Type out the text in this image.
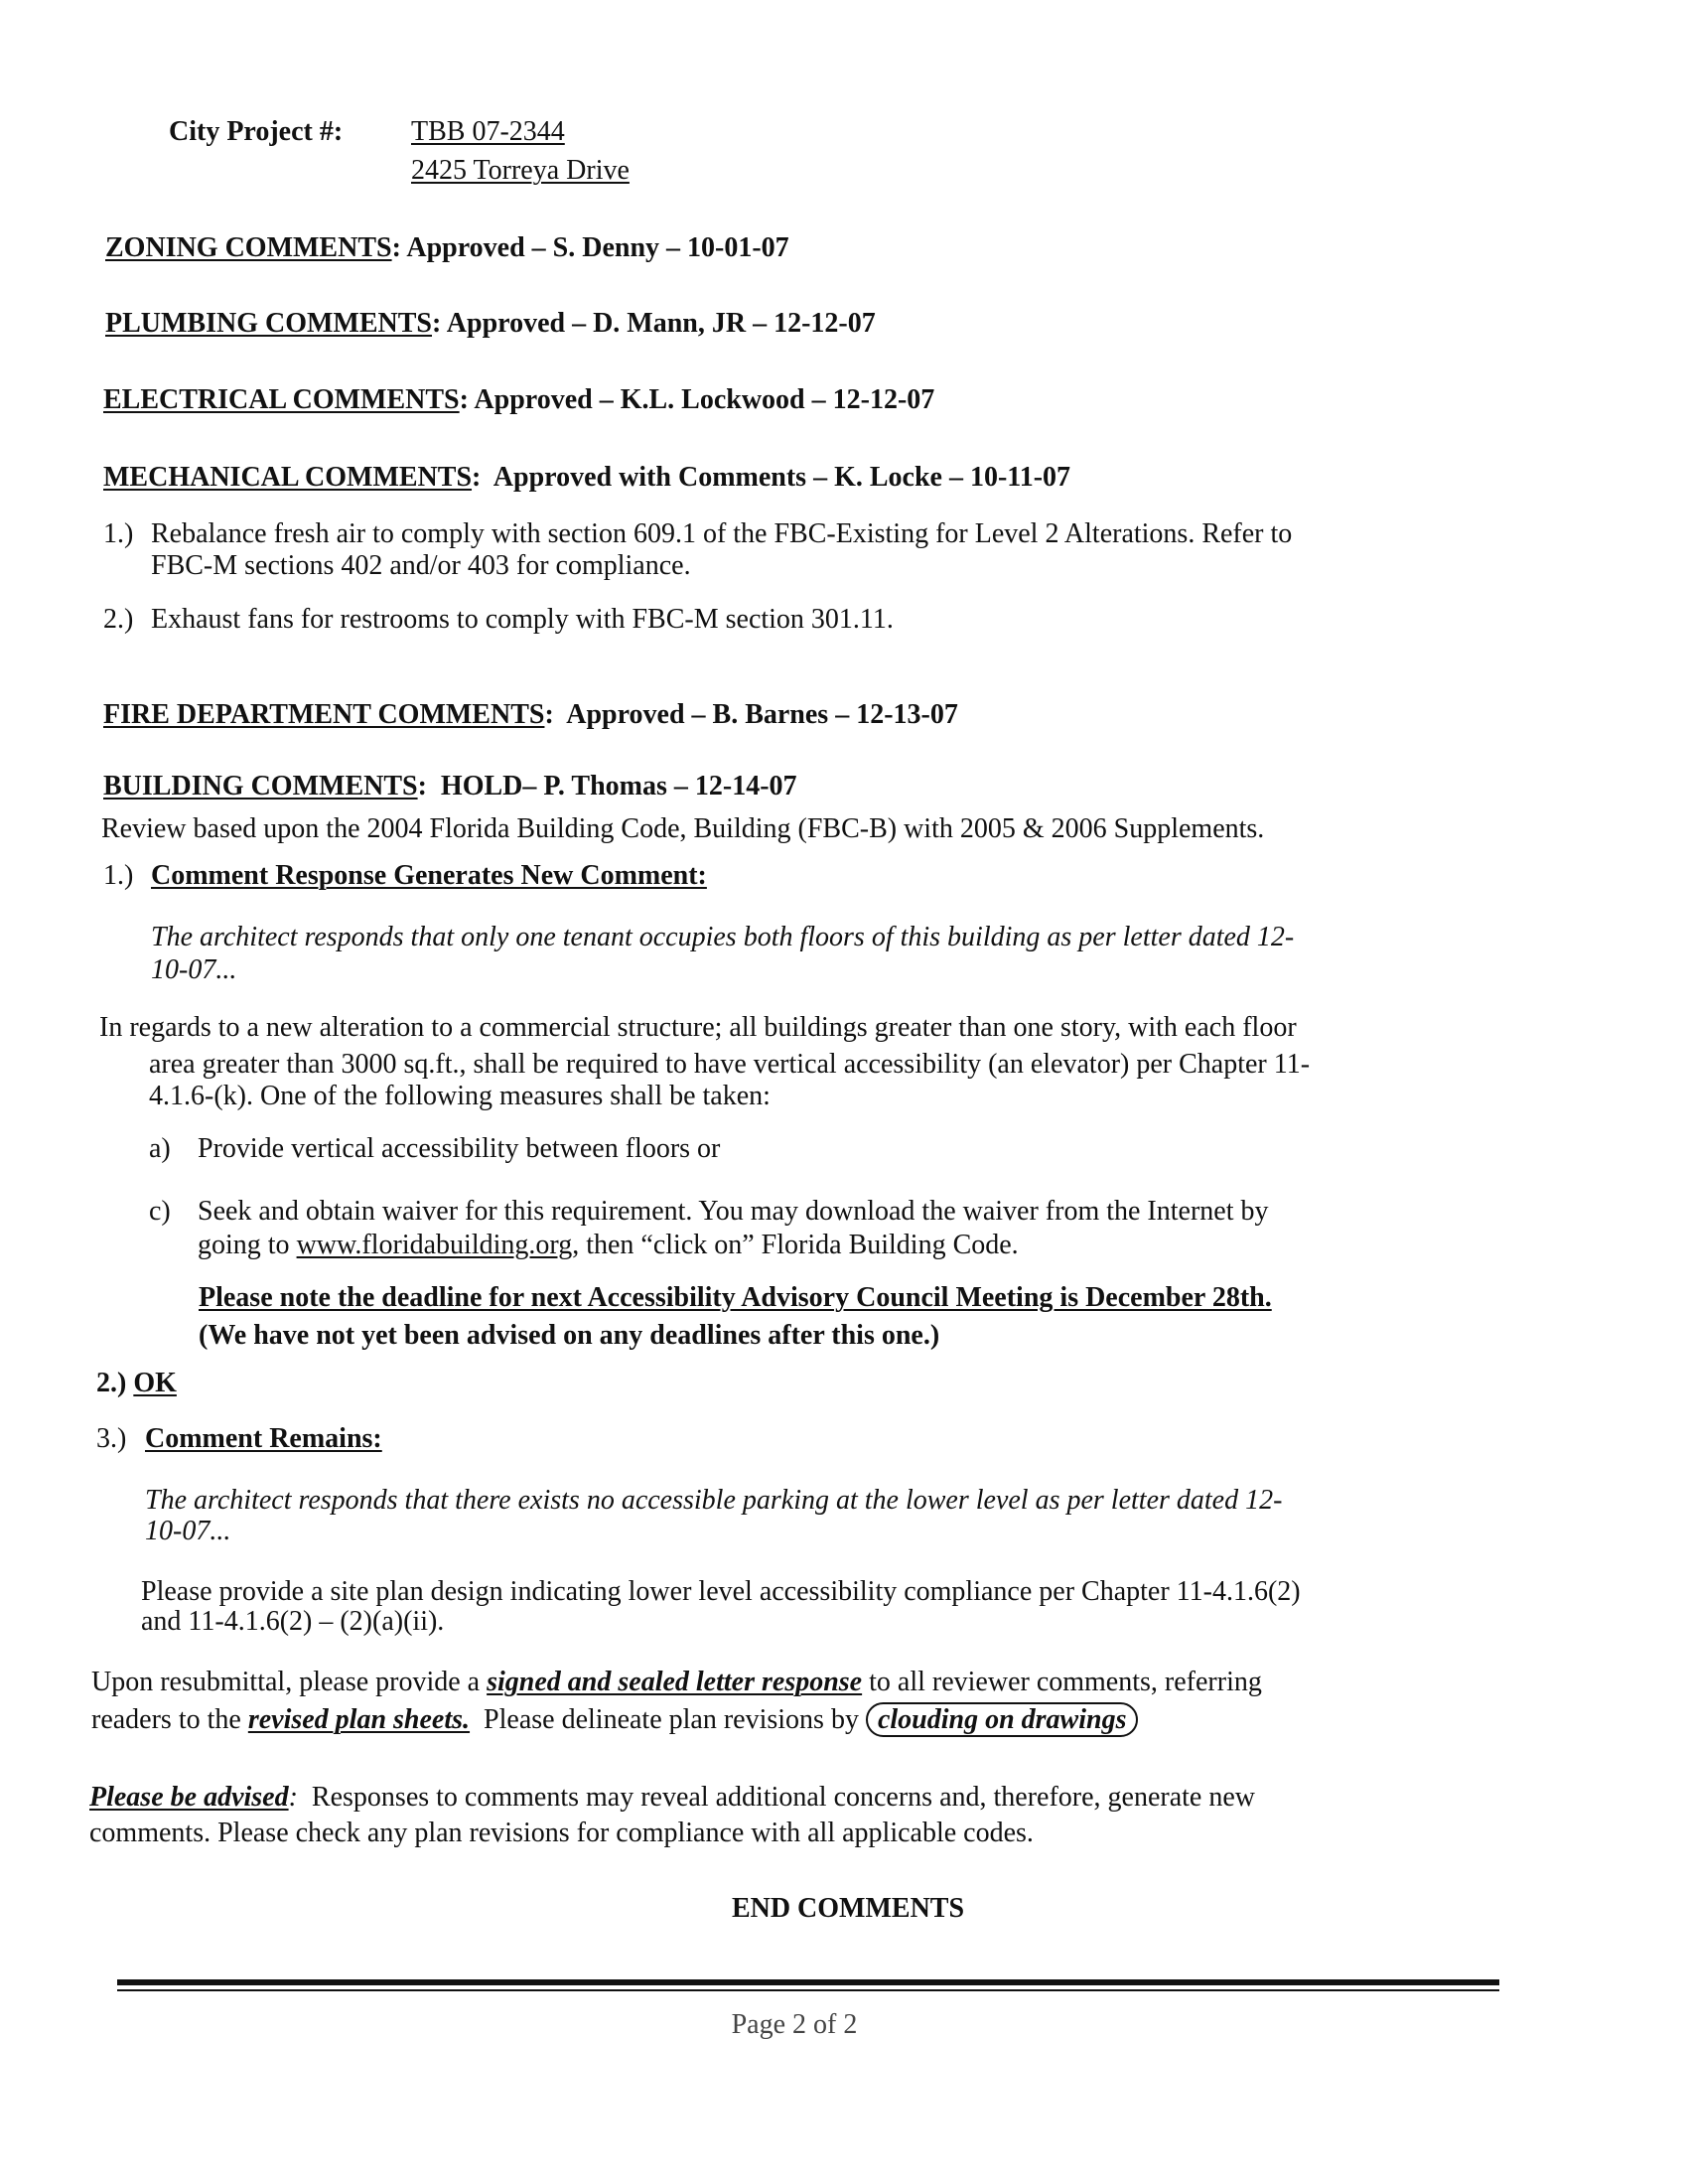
City Project #: TBB 07-2344
2425 Torreya Drive
ZONING COMMENTS: Approved – S. Denny – 10-01-07
PLUMBING COMMENTS: Approved – D. Mann, JR – 12-12-07
ELECTRICAL COMMENTS: Approved – K.L. Lockwood – 12-12-07
MECHANICAL COMMENTS:  Approved with Comments – K. Locke – 10-11-07
1.) Rebalance fresh air to comply with section 609.1 of the FBC-Existing for Level 2 Alterations. Refer to
FBC-M sections 402 and/or 403 for compliance.
2.) Exhaust fans for restrooms to comply with FBC-M section 301.11.
FIRE DEPARTMENT COMMENTS:  Approved – B. Barnes – 12-13-07
BUILDING COMMENTS:  HOLD– P. Thomas – 12-14-07
Review based upon the 2004 Florida Building Code, Building (FBC-B) with 2005 & 2006 Supplements.
1.) Comment Response Generates New Comment:
The architect responds that only one tenant occupies both floors of this building as per letter dated 12-
10-07...
In regards to a new alteration to a commercial structure; all buildings greater than one story, with each floor
area greater than 3000 sq.ft., shall be required to have vertical accessibility (an elevator) per Chapter 11-
4.1.6-(k). One of the following measures shall be taken:
a) Provide vertical accessibility between floors or
c) Seek and obtain waiver for this requirement. You may download the waiver from the Internet by
going to www.floridabuilding.org, then “click on” Florida Building Code.
Please note the deadline for next Accessibility Advisory Council Meeting is December 28th.
(We have not yet been advised on any deadlines after this one.)
2.) OK
3.) Comment Remains:
The architect responds that there exists no accessible parking at the lower level as per letter dated 12-
10-07...
Please provide a site plan design indicating lower level accessibility compliance per Chapter 11-4.1.6(2)
and 11-4.1.6(2) – (2)(a)(ii).
Upon resubmittal, please provide a signed and sealed letter response to all reviewer comments, referring
readers to the revised plan sheets.  Please delineate plan revisions by clouding on drawings
Please be advised:  Responses to comments may reveal additional concerns and, therefore, generate new
comments. Please check any plan revisions for compliance with all applicable codes.
END COMMENTS
Page 2 of 2
